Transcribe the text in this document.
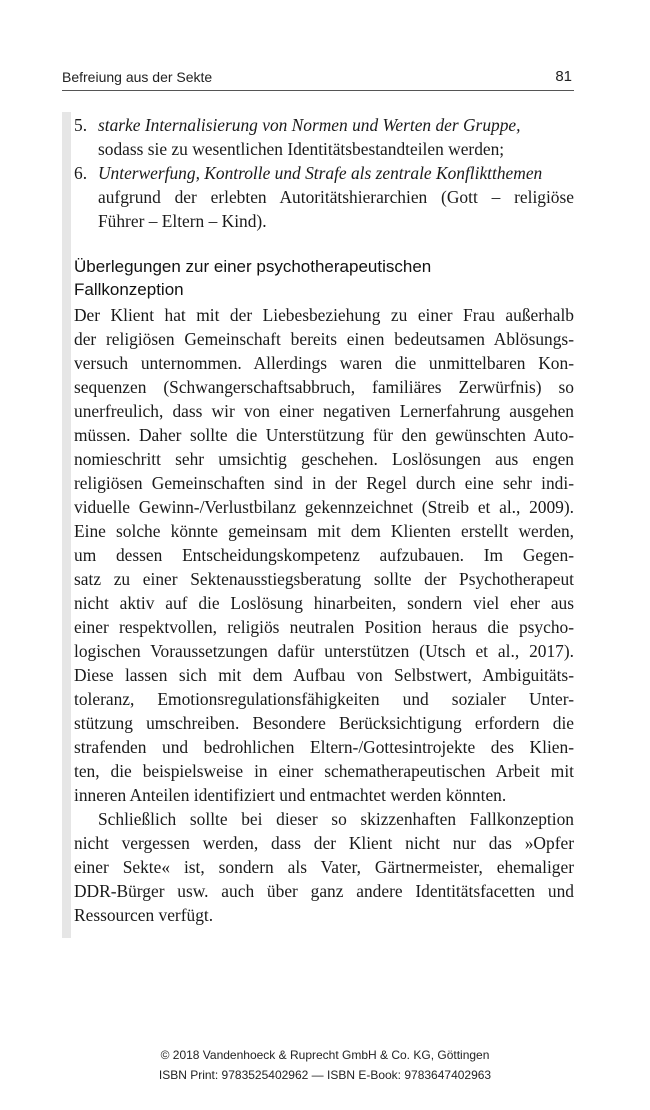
Befreiung aus der Sekte	81
5. starke Internalisierung von Normen und Werten der Gruppe,
sodass sie zu wesentlichen Identitätsbestandteilen werden;
6. Unterwerfung, Kontrolle und Strafe als zentrale Konfliktthemen
aufgrund der erlebten Autoritätshierarchien (Gott – religiöse
Führer – Eltern – Kind).
Überlegungen zur einer psychotherapeutischen
Fallkonzeption
Der Klient hat mit der Liebesbeziehung zu einer Frau außerhalb
der religiösen Gemeinschaft bereits einen bedeutsamen Ablösungs-
versuch unternommen. Allerdings waren die unmittelbaren Kon-
sequenzen (Schwangerschaftsabbruch, familiäres Zerwürfnis) so
unerfreulich, dass wir von einer negativen Lernerfahrung ausgehen
müssen. Daher sollte die Unterstützung für den gewünschten Auto-
nomieschritt sehr umsichtig geschehen. Loslösungen aus engen
religiösen Gemeinschaften sind in der Regel durch eine sehr indi-
viduelle Gewinn-/Verlustbilanz gekennzeichnet (Streib et al., 2009).
Eine solche könnte gemeinsam mit dem Klienten erstellt werden,
um dessen Entscheidungskompetenz aufzubauen. Im Gegen-
satz zu einer Sektenausstiegsberatung sollte der Psychotherapeut
nicht aktiv auf die Loslösung hinarbeiten, sondern viel eher aus
einer respektvollen, religiös neutralen Position heraus die psycho-
logischen Voraussetzungen dafür unterstützen (Utsch et al., 2017).
Diese lassen sich mit dem Aufbau von Selbstwert, Ambiguitäts-
toleranz, Emotionsregulationsfähigkeiten und sozialer Unter-
stützung umschreiben. Besondere Berücksichtigung erfordern die
strafenden und bedrohlichen Eltern-/Gottesintrojekte des Klien-
ten, die beispielsweise in einer schematherapeutischen Arbeit mit
inneren Anteilen identifiziert und entmachtet werden könnten.
Schließlich sollte bei dieser so skizzenhaften Fallkonzeption
nicht vergessen werden, dass der Klient nicht nur das »Opfer
einer Sekte« ist, sondern als Vater, Gärtnermeister, ehemaliger
DDR-Bürger usw. auch über ganz andere Identitätsfacetten und
Ressourcen verfügt.
© 2018 Vandenhoeck & Ruprecht GmbH & Co. KG, Göttingen
ISBN Print: 9783525402962 — ISBN E-Book: 9783647402963
